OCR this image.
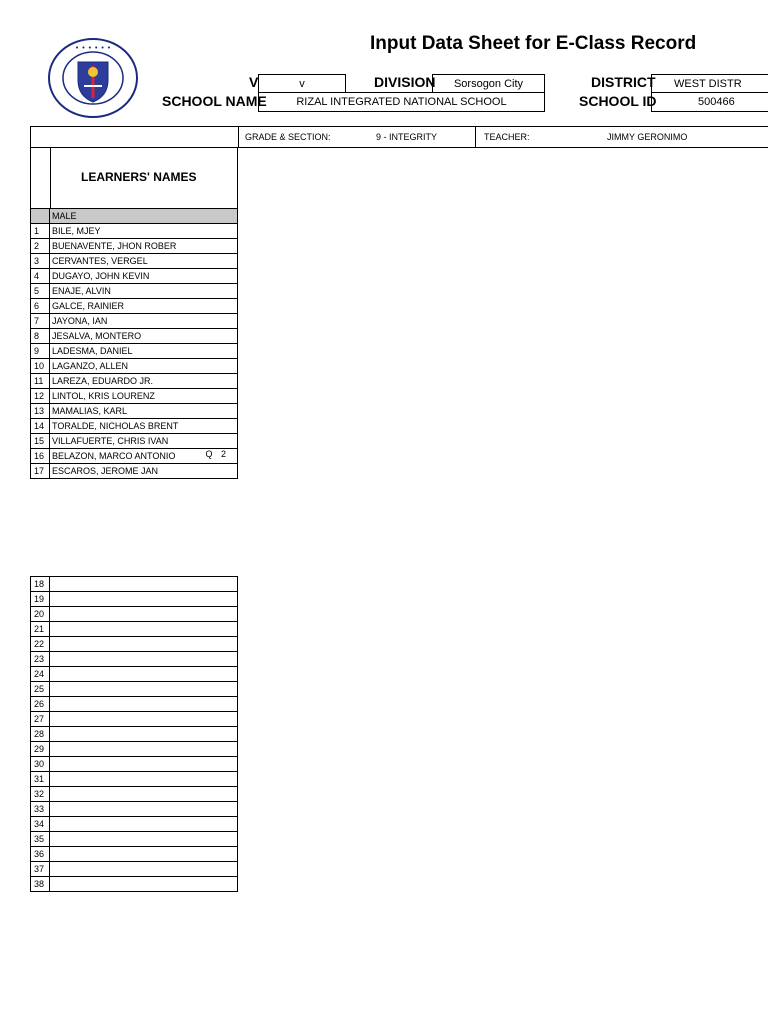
• • • • • •	Input Data Sheet for E-Class Record
V	v	DIVISION	Sorsogon City	DISTRICT	WEST DISTR
SCHOOL NAME	RIZAL INTEGRATED NATIONAL SCHOOL	SCHOOL ID	500466
GRADE & SECTION:	9 - INTEGRITY	TEACHER:	JIMMY GERONIMO
LEARNERS' NAMES
	MALE
1	BILE, MJEY
2	BUENAVENTE, JHON ROBER
3	CERVANTES, VERGEL
4	DUGAYO, JOHN KEVIN
5	ENAJE, ALVIN
6	GALCE, RAINIER
7	JAYONA, IAN
8	JESALVA, MONTERO
9	LADESMA, DANIEL
10	LAGANZO, ALLEN
11	LAREZA, EDUARDO JR.
12	LINTOL, KRIS LOURENZ
13	MAMALIAS, KARL
14	TORALDE, NICHOLAS BRENT
15	VILLAFUERTE, CHRIS IVAN
16	BELAZON, MARCO ANTONIO Q 2

17	ESCAROS, JEROME JAN
18	
19	
20	
21	
22	
23	
24	
25	
26	
27	
28	
29	
30	
31	
32	
33	
34	
35	
36	
37	
38	
